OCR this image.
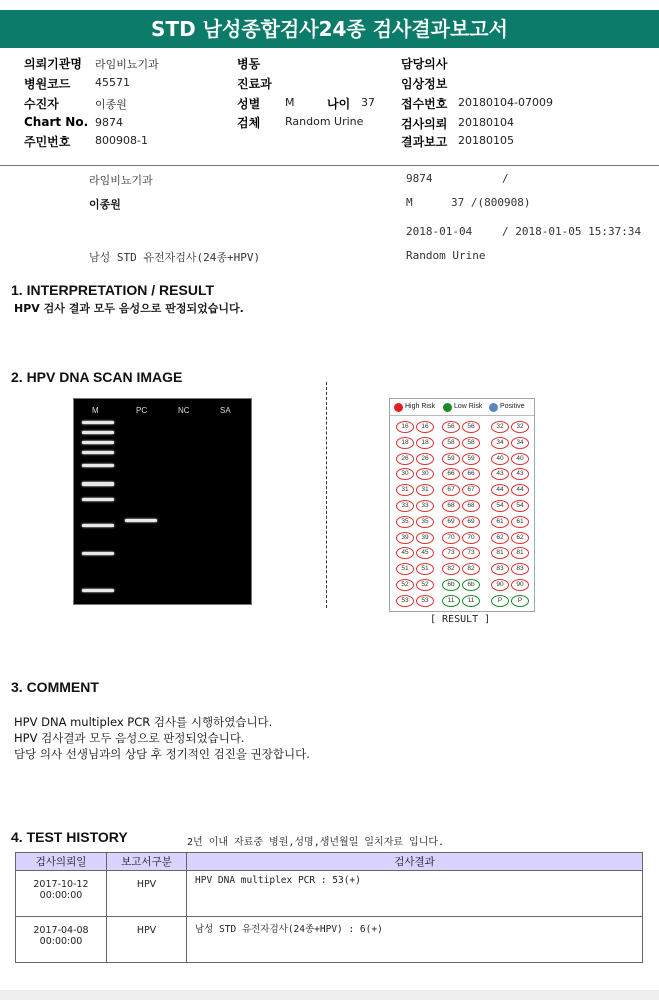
STD 남성종합검사24종 검사결과보고서
의뢰기관명 라임비뇨기과
병원코드 45571
수진자	이종원
Chart No. 9874
주민번호 800908-1
병동
진료과
성별 M	나이 37
검체 Random Urine
담당의사
임상정보
접수번호 20180104-07009
검사의뢰 20180104
결과보고 20180105
라임비뇨기과	9874	/
이종원	M	37 /(800908)
2018-01-04	/ 2018-01-05 15:37:34
남성 STD 유전자검사(24종+HPV)	Random Urine
1. INTERPRETATION / RESULT
HPV 검사 결과 모두 음성으로 판정되었습니다.
2. HPV DNA SCAN IMAGE
M	PC	NC	SA	High Risk	Low Risk	Positive
16	16	56	56	32	32
18	18	58	58	34	34
26	26	59	59	40	40
30	30	66	66	43	43
31	31	67	67	44	44
33	33	68	68	54	54
35	35	69	69	61	61
39	39	70	70	62	62
45	45	73	73	81	81
51	51	82	82	83	83
52	52	6b	6b	90	90
53	53	11	11	P	P
[ RESULT ]
3. COMMENT
HPV DNA multiplex PCR 검사를 시행하였습니다.
HPV 검사결과 모두 음성으로 판정되었습니다.
담당 의사 선생님과의 상담 후 정기적인 검진을 권장합니다.
4. TEST HISTORY	2년 이내 자료중 병원,성명,생년월일 일치자료 입니다.
검사의뢰일	보고서구분	검사결과

2017-10-12
00:00:00	HPV	HPV DNA multiplex PCR : 53(+)

2017-04-08
00:00:00	HPV	남성 STD 유전자검사(24종+HPV) : 6(+)
